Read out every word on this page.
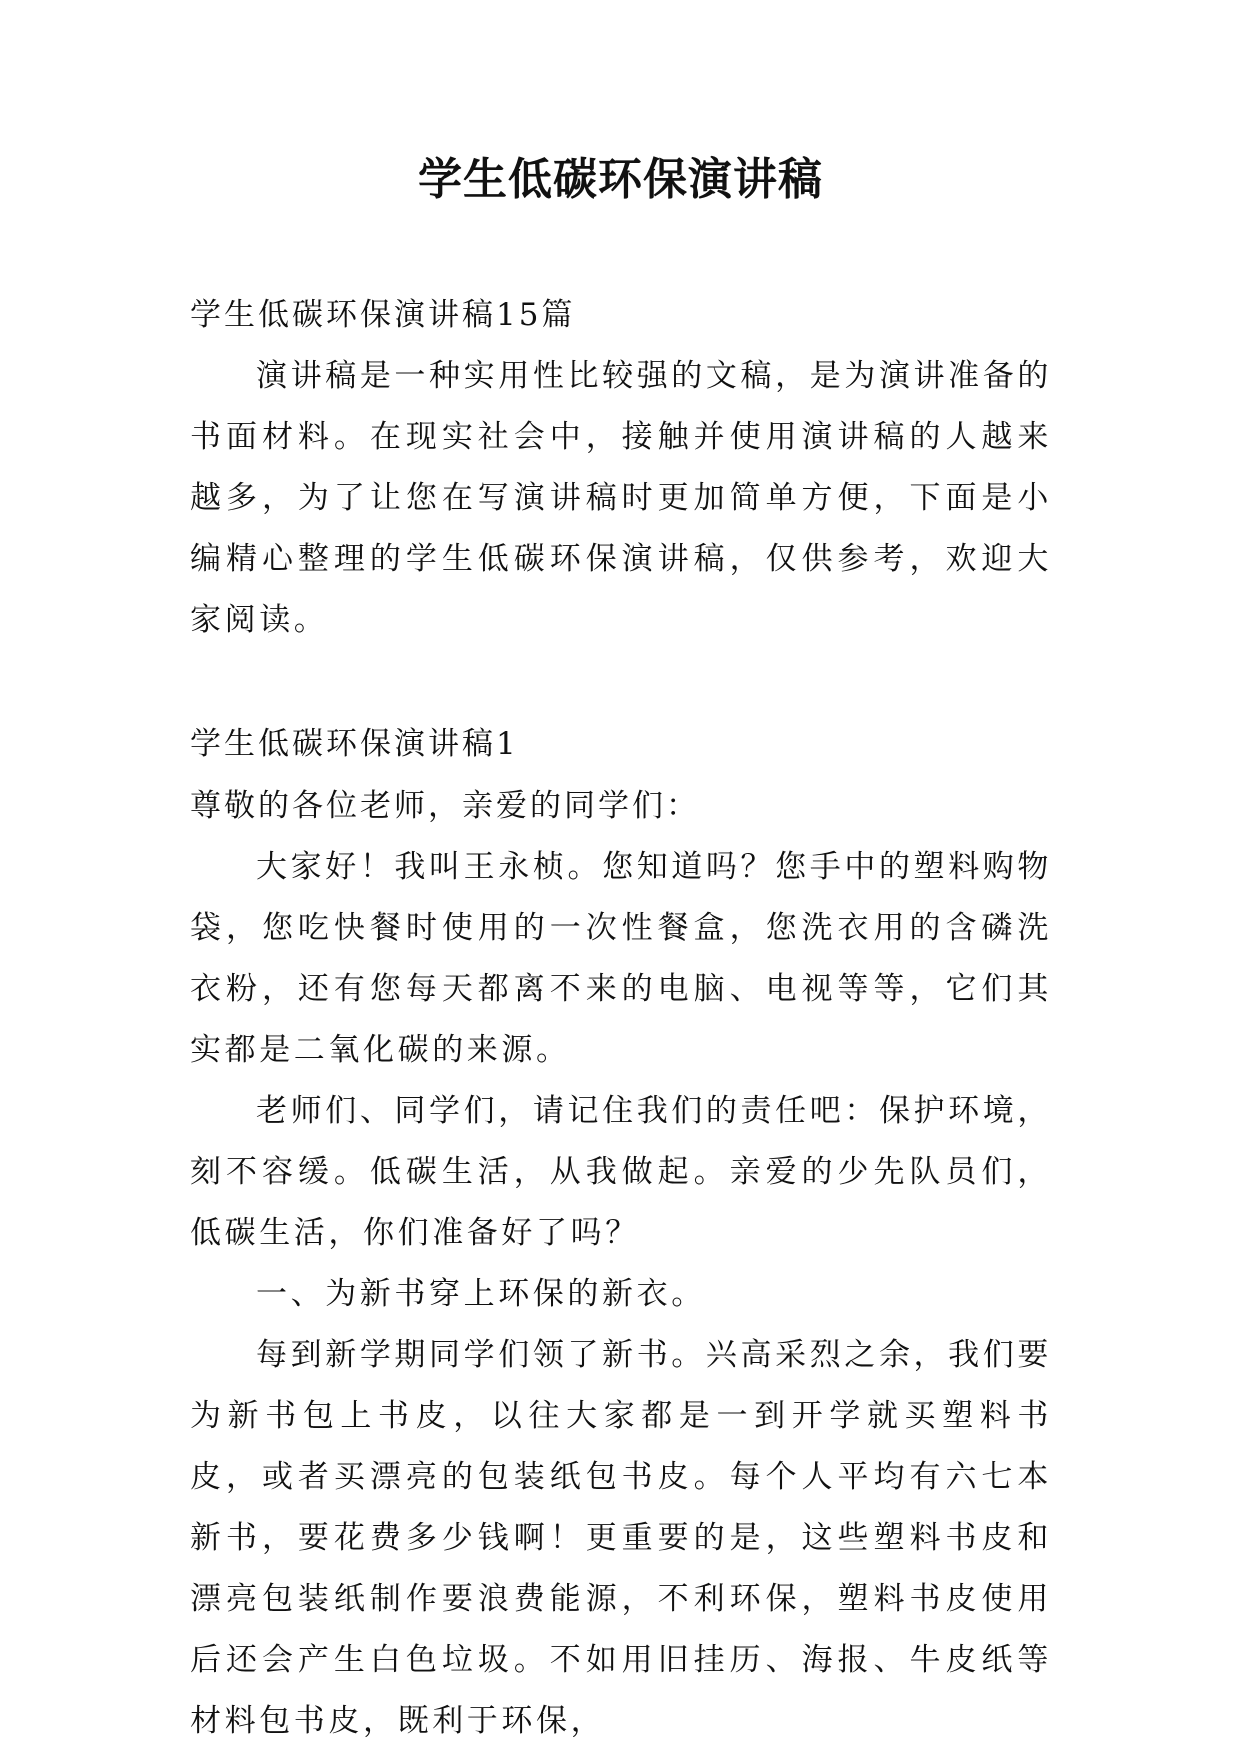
学生低碳环保演讲稿

学生低碳环保演讲稿15篇

演讲稿是一种实用性比较强的文稿，是为演讲准备的书面材料。在现实社会中，接触并使用演讲稿的人越来越多，为了让您在写演讲稿时更加简单方便，下面是小编精心整理的学生低碳环保演讲稿，仅供参考，欢迎大家阅读。

学生低碳环保演讲稿1

尊敬的各位老师，亲爱的同学们：

大家好！我叫王永桢。您知道吗？您手中的塑料购物袋，您吃快餐时使用的一次性餐盒，您洗衣用的含磷洗衣粉，还有您每天都离不来的电脑、电视等等，它们其实都是二氧化碳的来源。

老师们、同学们，请记住我们的责任吧：保护环境，刻不容缓。低碳生活，从我做起。亲爱的少先队员们，低碳生活，你们准备好了吗？

一、为新书穿上环保的新衣。

每到新学期同学们领了新书。兴高采烈之余，我们要为新书包上书皮，以往大家都是一到开学就买塑料书皮，或者买漂亮的包装纸包书皮。每个人平均有六七本新书，要花费多少钱啊！更重要的是，这些塑料书皮和漂亮包装纸制作要浪费能源，不利环保，塑料书皮使用后还会产生白色垃圾。不如用旧挂历、海报、牛皮纸等材料包书皮，既利于环保，
